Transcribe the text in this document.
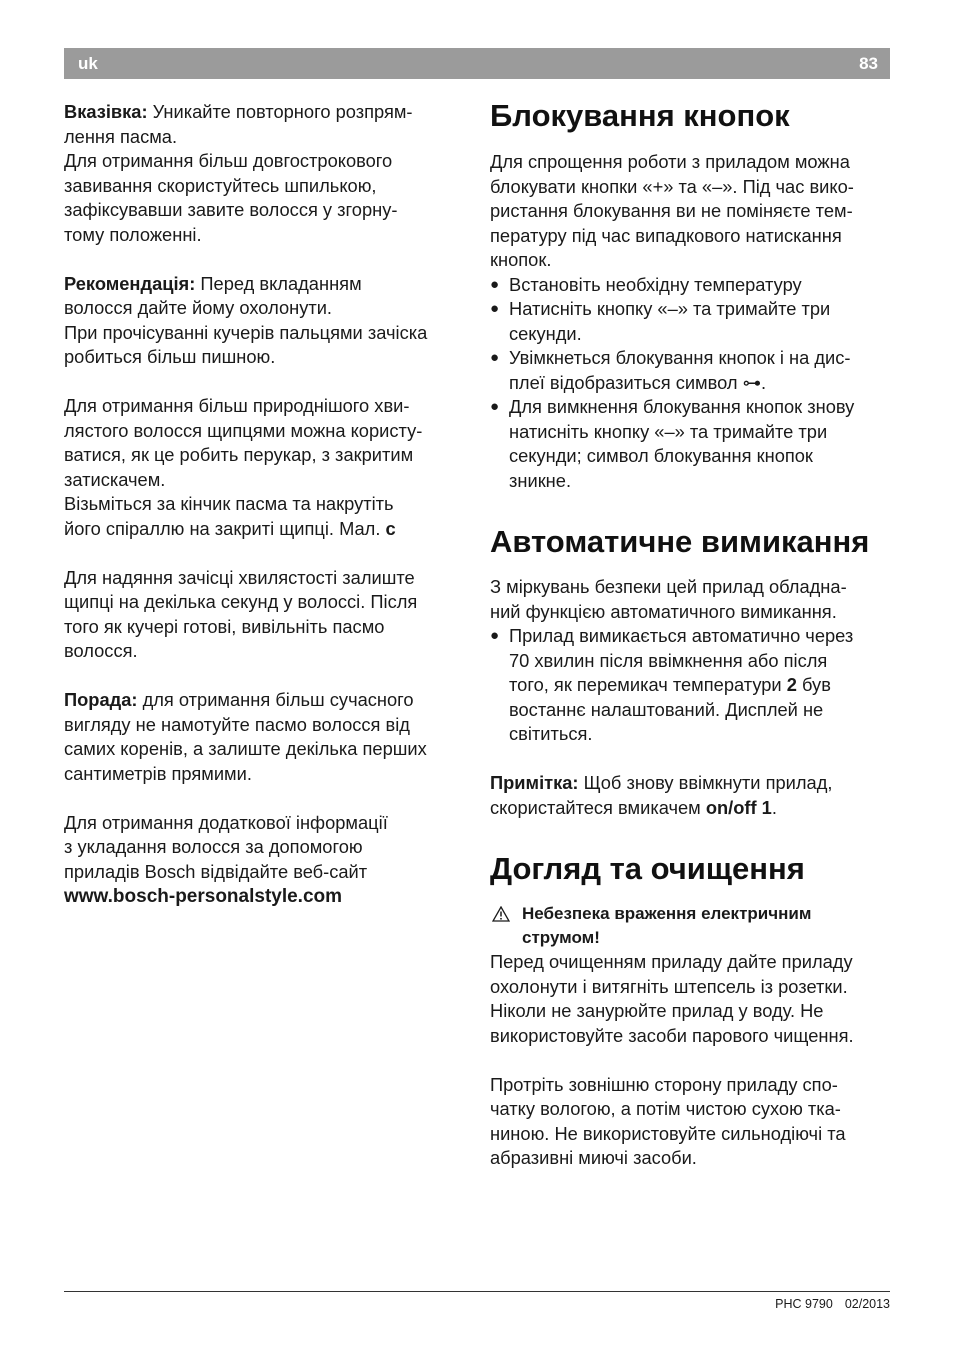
uk	83

Вказівка: Уникайте повторного розпрям-
лення пасма.
Для отримання більш довгострокового
завивання скористуйтесь шпилькою,
зафіксувавши завите волосся у згорну-
тому положенні.

Рекомендація: Перед вкладанням
волосся дайте йому охолонути.
При прочісуванні кучерів пальцями зачіска
робиться більш пишною.

Для отримання більш природнішого хви-
лястого волосся щипцями можна користу-
ватися, як це робить перукар, з закритим
затискачем.
Візьміться за кінчик пасма та накрутіть
його спіраллю на закриті щипці. Мал. c

Для надяння зачісці хвилястості залиште
щипці на декілька секунд у волоссі. Після
того як кучері готові, вивільніть пасмо
волосся.

Порада: для отримання більш сучасного
вигляду не намотуйте пасмо волосся від
самих коренів, а залиште декілька перших
сантиметрів прямими.

Для отримання додаткової інформації
з укладання волосся за допомогою
приладів Bosch відвідайте веб-сайт
www.bosch-personalstyle.com

Блокування кнопок

Для спрощення роботи з приладом можна
блокувати кнопки «+» та «–». Під час вико-
ристання блокування ви не поміняєте тем-
пературу під час випадкового натискання
кнопок.

● Встановіть необхідну температуру
● Натисніть кнопку «–» та тримайте три
секунди.
● Увімкнеться блокування кнопок і на дис-
плеї відобразиться символ ⊶.
● Для вимкнення блокування кнопок знову
натисніть кнопку «–» та тримайте три
секунди; символ блокування кнопок
зникне.
Автоматичне вимикання

З міркувань безпеки цей прилад обладна-
ний функцією автоматичного вимикання.

● Прилад вимикається автоматично через
70 хвилин після ввімкнення або після
того, як перемикач температури 2 був
востаннє налаштований. Дисплей не
світиться.

Примітка: Щоб знову ввімкнути прилад,
скористайтеся вмикачем on/off 1.

Догляд та очищення
Небезпека враження електричним
струмом!

Перед очищенням приладу дайте приладу
охолонути і витягніть штепсель із розетки.
Ніколи не занурюйте прилад у воду. Не
використовуйте засоби парового чищення.

Протріть зовнішню сторону приладу спо-
чатку вологою, а потім чистою сухою тка-
ниною. Не використовуйте сильнодіючі та
абразивні миючі засоби.

PHC 9790 02/2013
